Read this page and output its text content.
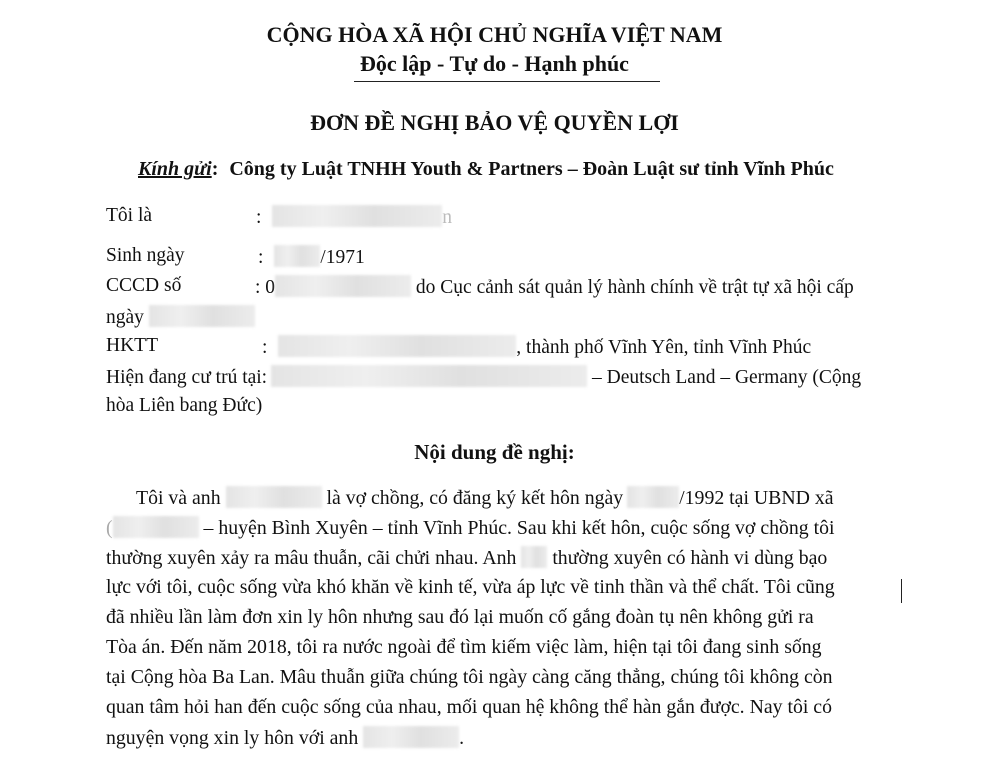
CỘNG HÒA XÃ HỘI CHỦ NGHĨA VIỆT NAM
Độc lập - Tự do - Hạnh phúc
ĐƠN ĐỀ NGHỊ BẢO VỆ QUYỀN LỢI
Kính gửi: Công ty Luật TNHH Youth & Partners – Đoàn Luật sư tỉnh Vĩnh Phúc
Tôi là	:	n
Sinh ngày	:	/1971
CCCD số	: 0	do Cục cảnh sát quản lý hành chính về trật tự xã hội cấp
ngày
HKTT	:	, thành phố Vĩnh Yên, tỉnh Vĩnh Phúc
Hiện đang cư trú tại:	– Deutsch Land – Germany (Cộng
hòa Liên bang Đức)
Nội dung đề nghị:
Tôi và anh	là vợ chồng, có đăng ký kết hôn ngày	/1992 tại UBND xã
(	– huyện Bình Xuyên – tỉnh Vĩnh Phúc. Sau khi kết hôn, cuộc sống vợ chồng tôi
thường xuyên xảy ra mâu thuẫn, cãi chửi nhau. Anh thường xuyên có hành vi dùng bạo
lực với tôi, cuộc sống vừa khó khăn về kinh tế, vừa áp lực về tinh thần và thể chất. Tôi cũng
đã nhiều lần làm đơn xin ly hôn nhưng sau đó lại muốn cố gắng đoàn tụ nên không gửi ra
Tòa án. Đến năm 2018, tôi ra nước ngoài để tìm kiếm việc làm, hiện tại tôi đang sinh sống
tại Cộng hòa Ba Lan. Mâu thuẫn giữa chúng tôi ngày càng căng thẳng, chúng tôi không còn
quan tâm hỏi han đến cuộc sống của nhau, mối quan hệ không thể hàn gắn được. Nay tôi có
nguyện vọng xin ly hôn với anh	.
